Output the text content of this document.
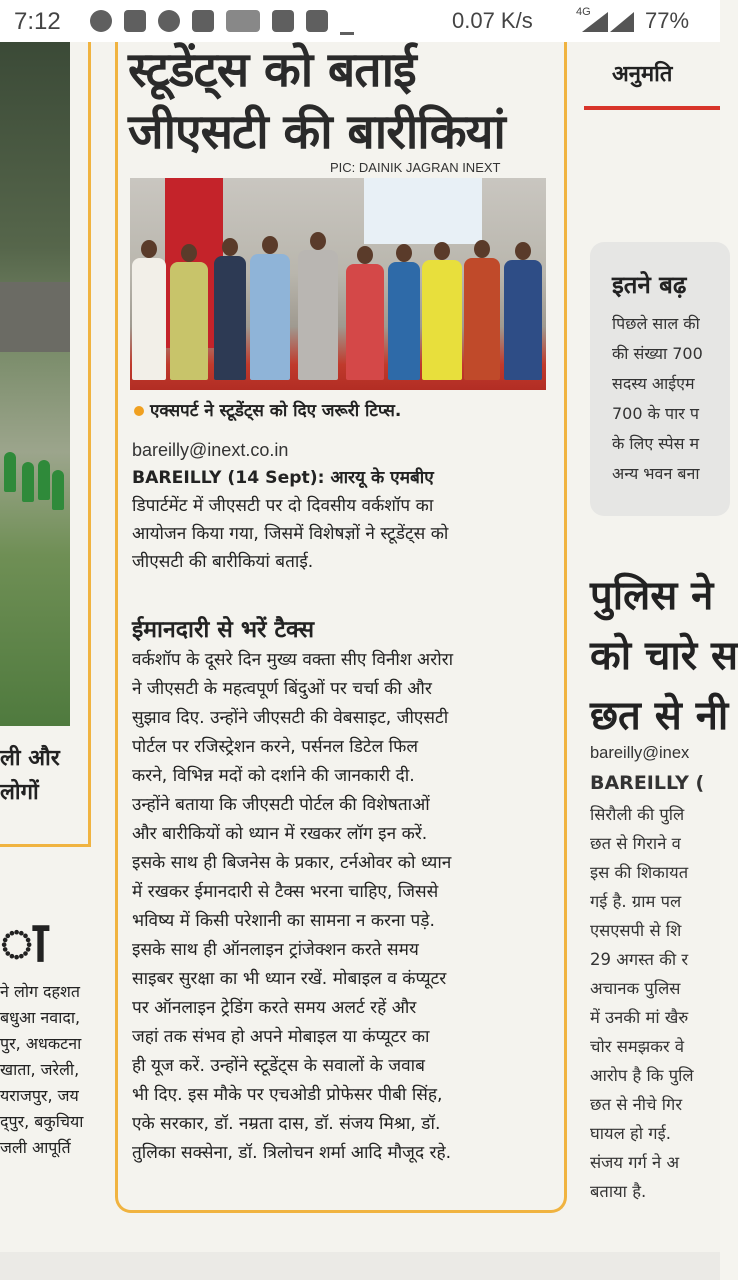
7:12	0.07 K/s	4G 77%
ली और
लोगों
ा
ने लोग दहशत
बधुआ नवादा,
पुर, अधकटना
खाता, जरेली,
यराजपुर, जय
द्पुर, बकुचिया
जली आपूर्ति
स्टूडेंट्स को बताई
जीएसटी की बारीकियां
PIC: DAINIK JAGRAN INEXT
एक्सपर्ट ने स्टूडेंट्स को दिए जरूरी टिप्स.
bareilly@inext.co.in
BAREILLY (14 Sept): आरयू के एमबीए
डिपार्टमेंट में जीएसटी पर दो दिवसीय वर्कशॉप का
आयोजन किया गया, जिसमें विशेषज्ञों ने स्टूडेंट्स को
जीएसटी की बारीकियां बताई.
ईमानदारी से भरें टैक्स
वर्कशॉप के दूसरे दिन मुख्य वक्ता सीए विनीश अरोरा
ने जीएसटी के महत्वपूर्ण बिंदुओं पर चर्चा की और
सुझाव दिए. उन्होंने जीएसटी की वेबसाइट, जीएसटी
पोर्टल पर रजिस्ट्रेशन करने, पर्सनल डिटेल फिल
करने, विभिन्न मदों को दर्शाने की जानकारी दी.
उन्होंने बताया कि जीएसटी पोर्टल की विशेषताओं
और बारीकियों को ध्यान में रखकर लॉग इन करें.
इसके साथ ही बिजनेस के प्रकार, टर्नओवर को ध्यान
में रखकर ईमानदारी से टैक्स भरना चाहिए, जिससे
भविष्य में किसी परेशानी का सामना न करना पड़े.
इसके साथ ही ऑनलाइन ट्रांजेक्शन करते समय
साइबर सुरक्षा का भी ध्यान रखें. मोबाइल व कंप्यूटर
पर ऑनलाइन ट्रेडिंग करते समय अलर्ट रहें और
जहां तक संभव हो अपने मोबाइल या कंप्यूटर का
ही यूज करें. उन्होंने स्टूडेंट्स के सवालों के जवाब
भी दिए. इस मौके पर एचओडी प्रोफेसर पीबी सिंह,
एके सरकार, डॉ. नम्रता दास, डॉ. संजय मिश्रा, डॉ.
तुलिका सक्सेना, डॉ. त्रिलोचन शर्मा आदि मौजूद रहे.
अनुमति
इतने बढ़
पिछले साल की
की संख्या 700
सदस्य आईएम
700 के पार प
के लिए स्पेस म
अन्य भवन बना
पुलिस ने
को चारे स
छत से नी
bareilly@inex
BAREILLY (
सिरौली की पुलि
छत से गिराने व
इस की शिकायत
गई है. ग्राम पल
एसएसपी से शि
29 अगस्त की र
अचानक पुलिस
में उनकी मां खैरु
चोर समझकर वे
आरोप है कि पुलि
छत से नीचे गिर
घायल हो गई.
संजय गर्ग ने अ
बताया है.
